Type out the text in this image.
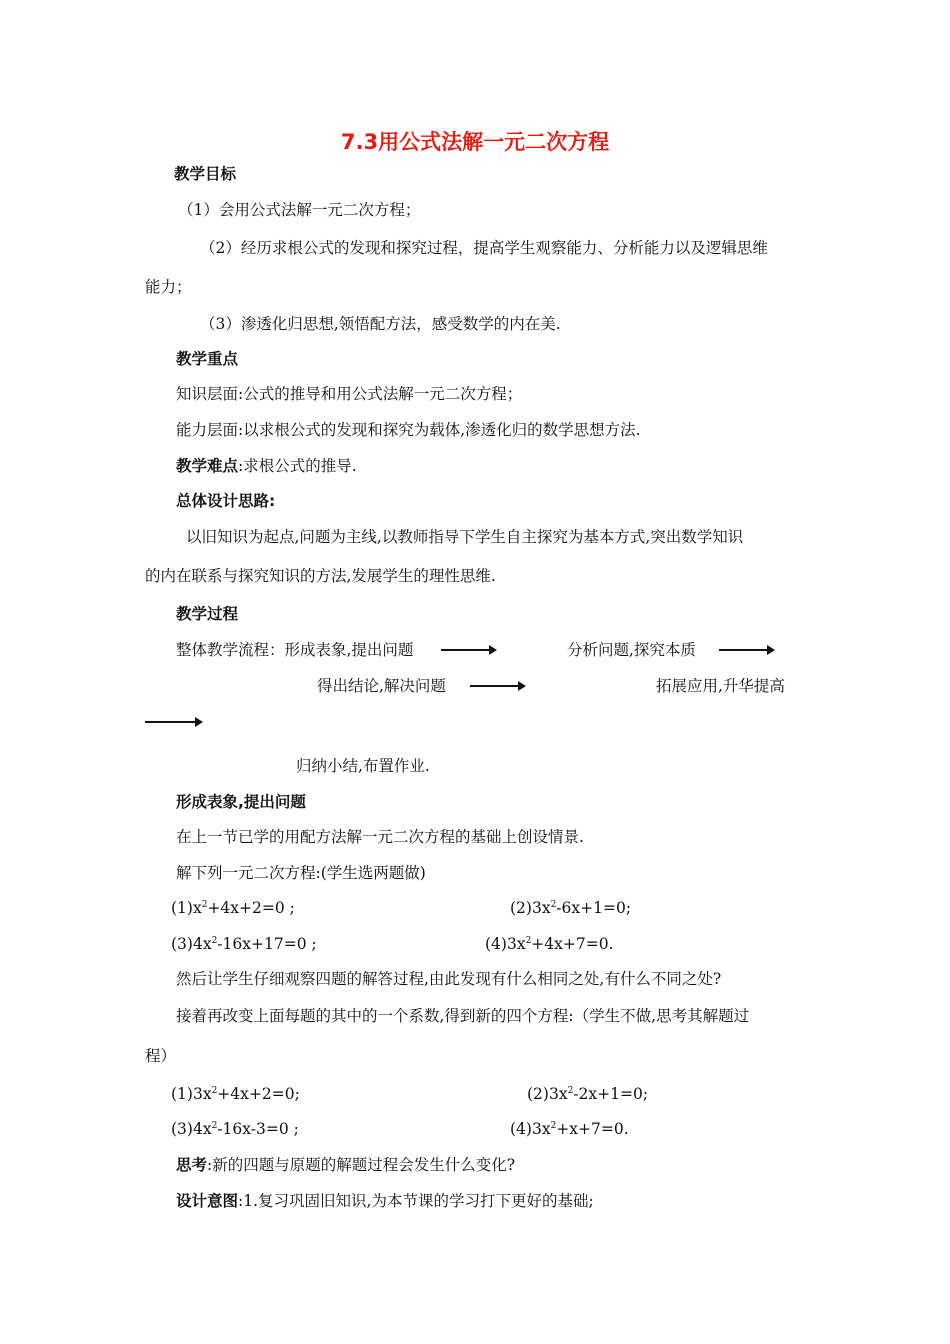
7.3用公式法解一元二次方程
教学目标
（1）会用公式法解一元二次方程；
（2）经历求根公式的发现和探究过程，提高学生观察能力、分析能力以及逻辑思维
能力；
（3）渗透化归思想,领悟配方法，感受数学的内在美.
教学重点
知识层面:公式的推导和用公式法解一元二次方程；
能力层面:以求根公式的发现和探究为载体,渗透化归的数学思想方法.
教学难点:求根公式的推导.
总体设计思路:
以旧知识为起点,问题为主线,以教师指导下学生自主探究为基本方式,突出数学知识
的内在联系与探究知识的方法,发展学生的理性思维.
教学过程
整体教学流程：形成表象,提出问题	分析问题,探究本质
得出结论,解决问题	拓展应用,升华提高
归纳小结,布置作业.
形成表象,提出问题
在上一节已学的用配方法解一元二次方程的基础上创设情景.
解下列一元二次方程:(学生选两题做)
$(1)x^2+4x+2=0$ ;	$(2)3x^2-6x+1=0$;
$(3)4x^2-16x+17=0$ ;	$(4)3x^2+4x+7=0$.
然后让学生仔细观察四题的解答过程,由此发现有什么相同之处,有什么不同之处?
接着再改变上面每题的其中的一个系数,得到新的四个方程:（学生不做,思考其解题过
程）
$(1)3x^2+4x+2=0$;	$(2)3x^2-2x+1=0$;
$(3)4x^2-16x-3=0$ ;	$(4)3x^2+x+7=0$.
思考:新的四题与原题的解题过程会发生什么变化?
设计意图:1.复习巩固旧知识,为本节课的学习打下更好的基础;
